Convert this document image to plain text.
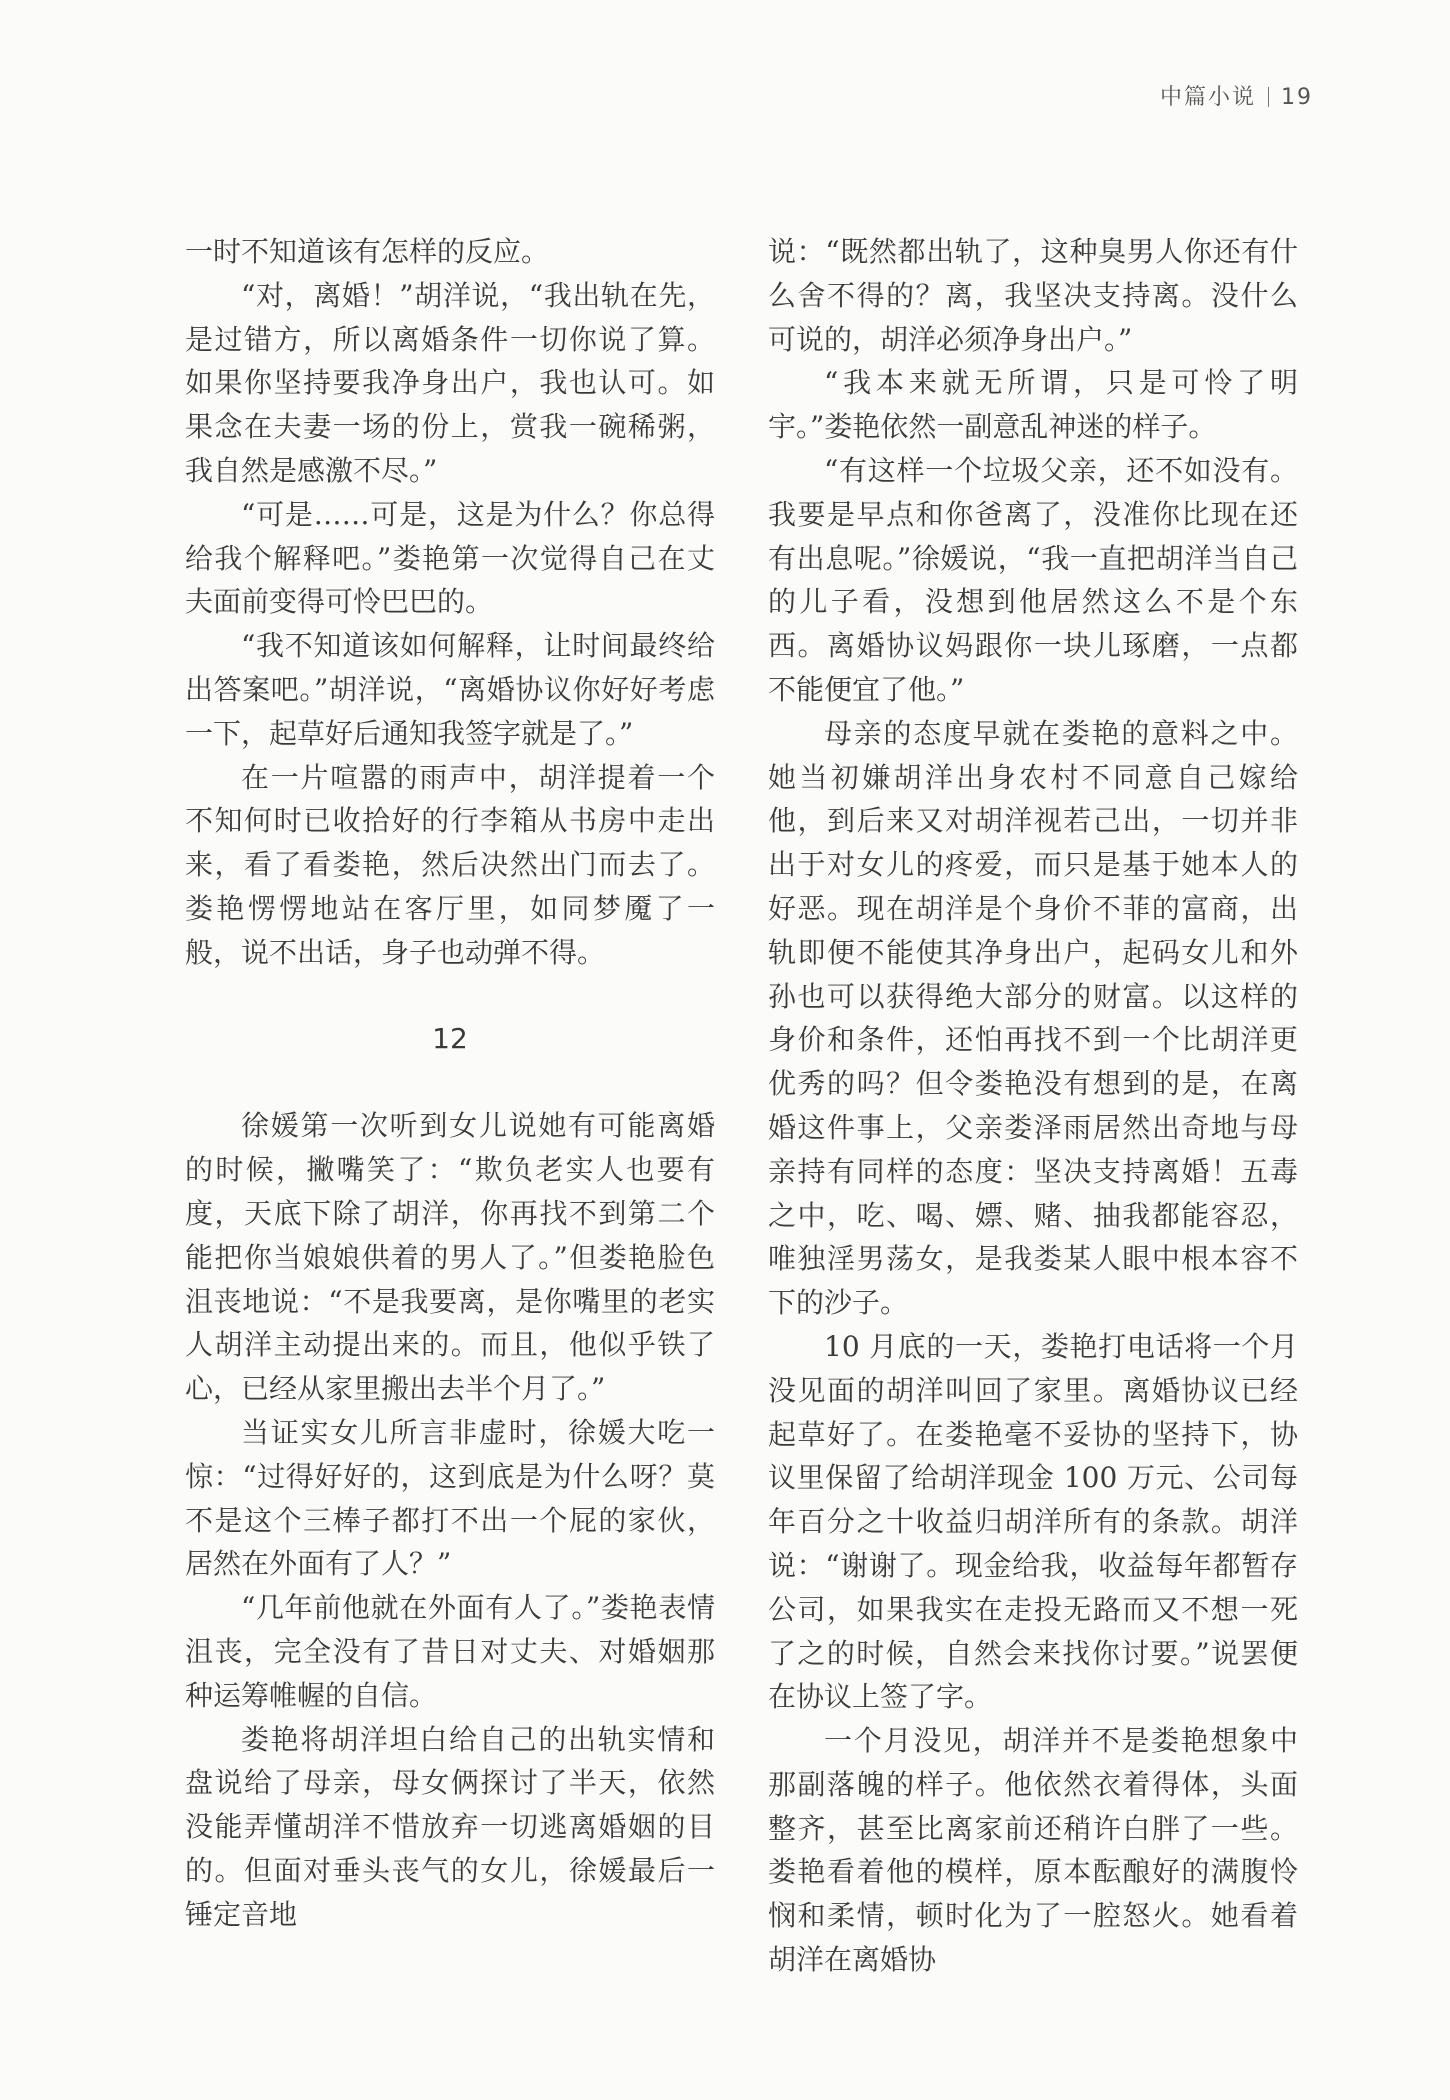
中篇小说 19

一时不知道该有怎样的反应。

“对，离婚！”胡洋说，“我出轨在先，是过错方，所以离婚条件一切你说了算。如果你坚持要我净身出户，我也认可。如果念在夫妻一场的份上，赏我一碗稀粥，我自然是感激不尽。”

“可是……可是，这是为什么？你总得给我个解释吧。”娄艳第一次觉得自己在丈夫面前变得可怜巴巴的。

“我不知道该如何解释，让时间最终给出答案吧。”胡洋说，“离婚协议你好好考虑一下，起草好后通知我签字就是了。”

在一片喧嚣的雨声中，胡洋提着一个不知何时已收拾好的行李箱从书房中走出来，看了看娄艳，然后决然出门而去了。娄艳愣愣地站在客厅里，如同梦魇了一般，说不出话，身子也动弹不得。

12

徐媛第一次听到女儿说她有可能离婚的时候，撇嘴笑了：“欺负老实人也要有度，天底下除了胡洋，你再找不到第二个能把你当娘娘供着的男人了。”但娄艳脸色沮丧地说：“不是我要离，是你嘴里的老实人胡洋主动提出来的。而且，他似乎铁了心，已经从家里搬出去半个月了。”

当证实女儿所言非虚时，徐媛大吃一惊：“过得好好的，这到底是为什么呀？莫不是这个三棒子都打不出一个屁的家伙，居然在外面有了人？”

“几年前他就在外面有人了。”娄艳表情沮丧，完全没有了昔日对丈夫、对婚姻那种运筹帷幄的自信。

娄艳将胡洋坦白给自己的出轨实情和盘说给了母亲，母女俩探讨了半天，依然没能弄懂胡洋不惜放弃一切逃离婚姻的目的。但面对垂头丧气的女儿，徐媛最后一锤定音地

说：“既然都出轨了，这种臭男人你还有什么舍不得的？离，我坚决支持离。没什么可说的，胡洋必须净身出户。”

“我本来就无所谓，只是可怜了明宇。”娄艳依然一副意乱神迷的样子。

“有这样一个垃圾父亲，还不如没有。我要是早点和你爸离了，没准你比现在还有出息呢。”徐媛说，“我一直把胡洋当自己的儿子看，没想到他居然这么不是个东西。离婚协议妈跟你一块儿琢磨，一点都不能便宜了他。”

母亲的态度早就在娄艳的意料之中。她当初嫌胡洋出身农村不同意自己嫁给他，到后来又对胡洋视若己出，一切并非出于对女儿的疼爱，而只是基于她本人的好恶。现在胡洋是个身价不菲的富商，出轨即便不能使其净身出户，起码女儿和外孙也可以获得绝大部分的财富。以这样的身价和条件，还怕再找不到一个比胡洋更优秀的吗？但令娄艳没有想到的是，在离婚这件事上，父亲娄泽雨居然出奇地与母亲持有同样的态度：坚决支持离婚！五毒之中，吃、喝、嫖、赌、抽我都能容忍，唯独淫男荡女，是我娄某人眼中根本容不下的沙子。

10 月底的一天，娄艳打电话将一个月没见面的胡洋叫回了家里。离婚协议已经起草好了。在娄艳毫不妥协的坚持下，协议里保留了给胡洋现金 100 万元、公司每年百分之十收益归胡洋所有的条款。胡洋说：“谢谢了。现金给我，收益每年都暂存公司，如果我实在走投无路而又不想一死了之的时候，自然会来找你讨要。”说罢便在协议上签了字。

一个月没见，胡洋并不是娄艳想象中那副落魄的样子。他依然衣着得体，头面整齐，甚至比离家前还稍许白胖了一些。娄艳看着他的模样，原本酝酿好的满腹怜悯和柔情，顿时化为了一腔怒火。她看着胡洋在离婚协
